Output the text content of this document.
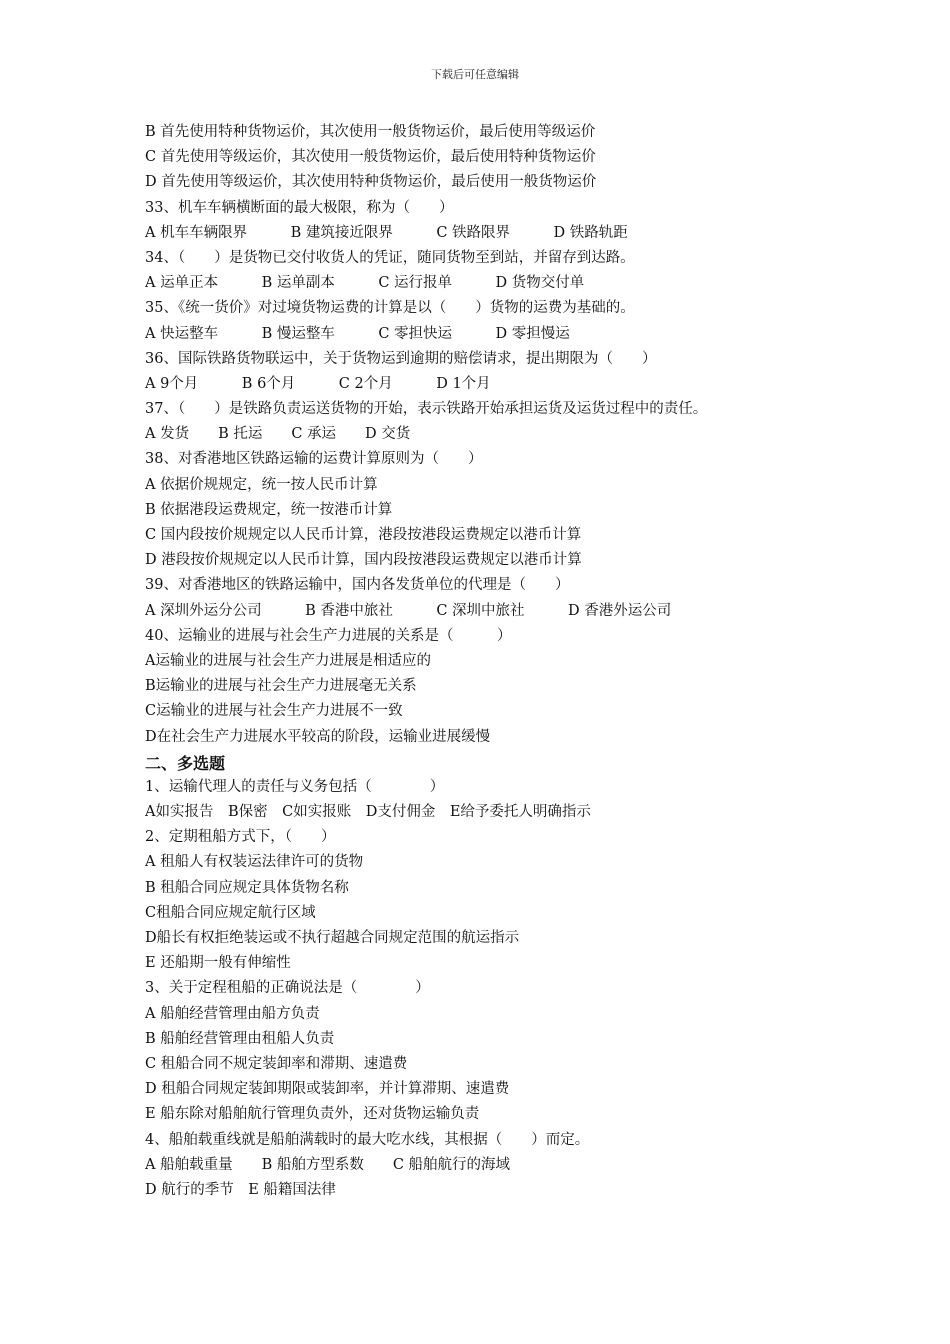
下载后可任意编辑
B 首先使用特种货物运价，其次使用一般货物运价，最后使用等级运价
C 首先使用等级运价，其次使用一般货物运价，最后使用特种货物运价
D 首先使用等级运价，其次使用特种货物运价，最后使用一般货物运价
33、机车车辆横断面的最大极限，称为（　　）
A 机车车辆限界　　　B 建筑接近限界　　　C 铁路限界　　　D 铁路轨距
34、（　　）是货物已交付收货人的凭证，随同货物至到站，并留存到达路。
A 运单正本　　　B 运单副本　　　C 运行报单　　　D 货物交付单
35、《统一货价》对过境货物运费的计算是以（　　）货物的运费为基础的。
A 快运整车　　　B 慢运整车　　　C 零担快运　　　D 零担慢运
36、国际铁路货物联运中，关于货物运到逾期的赔偿请求，提出期限为（　　）
A 9个月　　　B 6个月　　　C 2个月　　　D 1个月
37、（　　）是铁路负责运送货物的开始，表示铁路开始承担运货及运货过程中的责任。
A 发货　　B 托运　　C 承运　　D 交货
38、对香港地区铁路运输的运费计算原则为（　　）
A 依据价规规定，统一按人民币计算
B 依据港段运费规定，统一按港币计算
C 国内段按价规规定以人民币计算，港段按港段运费规定以港币计算
D 港段按价规规定以人民币计算，国内段按港段运费规定以港币计算
39、对香港地区的铁路运输中，国内各发货单位的代理是（　　）
A 深圳外运分公司　　　B 香港中旅社　　　C 深圳中旅社　　　D 香港外运公司
40、运输业的进展与社会生产力进展的关系是（　　　）
A运输业的进展与社会生产力进展是相适应的
B运输业的进展与社会生产力进展毫无关系
C运输业的进展与社会生产力进展不一致
D在社会生产力进展水平较高的阶段，运输业进展缓慢
二、多选题
1、运输代理人的责任与义务包括（　　　　）
A如实报告　B保密　C如实报账　D支付佣金　E给予委托人明确指示
2、定期租船方式下，（　　）
A 租船人有权装运法律许可的货物
B 租船合同应规定具体货物名称
C租船合同应规定航行区域
D船长有权拒绝装运或不执行超越合同规定范围的航运指示
E 还船期一般有伸缩性
3、关于定程租船的正确说法是（　　　　）
A 船舶经营管理由船方负责
B 船舶经营管理由租船人负责
C 租船合同不规定装卸率和滞期、速遣费
D 租船合同规定装卸期限或装卸率，并计算滞期、速遣费
E 船东除对船舶航行管理负责外，还对货物运输负责
4、船舶载重线就是船舶满载时的最大吃水线，其根据（　　）而定。
A 船舶载重量　　B 船舶方型系数　　C 船舶航行的海域
D 航行的季节　E 船籍国法律
